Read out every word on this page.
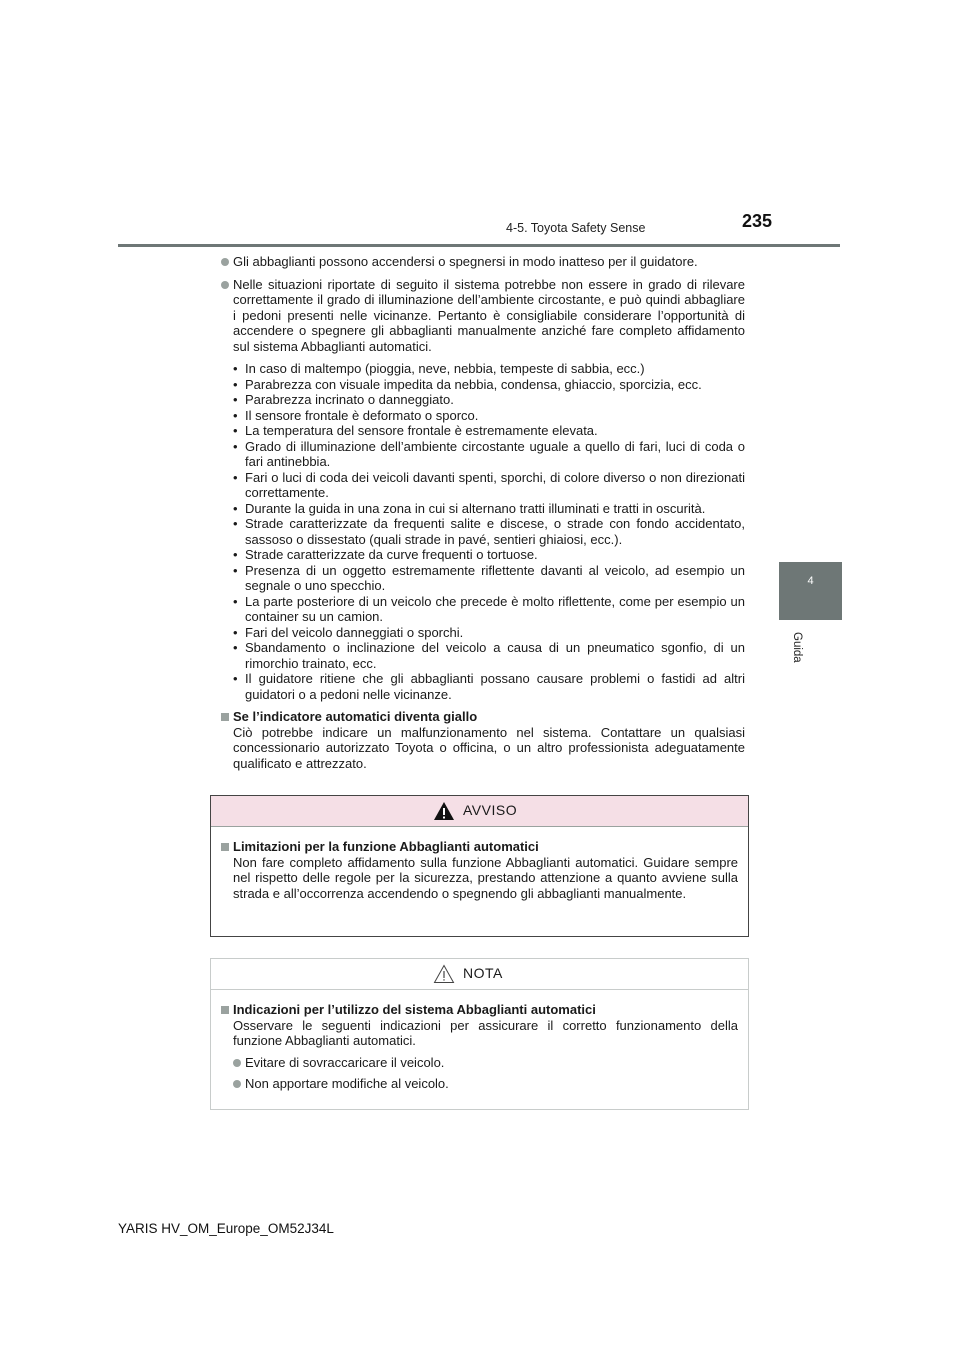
4-5. Toyota Safety Sense	235
4
Guida
Gli abbaglianti possono accendersi o spegnersi in modo inatteso per il guidatore.
Nelle situazioni riportate di seguito il sistema potrebbe non essere in grado di rilevare correttamente il grado di illuminazione dell’ambiente circostante, e può quindi abbagliare i pedoni presenti nelle vicinanze. Pertanto è consigliabile considerare l’opportunità di accendere o spegnere gli abbaglianti manualmente anziché fare completo affidamento sul sistema Abbaglianti automatici.
• In caso di maltempo (pioggia, neve, nebbia, tempeste di sabbia, ecc.)
• Parabrezza con visuale impedita da nebbia, condensa, ghiaccio, sporcizia, ecc.
• Parabrezza incrinato o danneggiato.
• Il sensore frontale è deformato o sporco.
• La temperatura del sensore frontale è estremamente elevata.
• Grado di illuminazione dell’ambiente circostante uguale a quello di fari, luci di coda o fari antinebbia.
• Fari o luci di coda dei veicoli davanti spenti, sporchi, di colore diverso o non direzionati correttamente.
• Durante la guida in una zona in cui si alternano tratti illuminati e tratti in oscurità.
• Strade caratterizzate da frequenti salite e discese, o strade con fondo accidentato, sassoso o dissestato (quali strade in pavé, sentieri ghiaiosi, ecc.).
• Strade caratterizzate da curve frequenti o tortuose.
• Presenza di un oggetto estremamente riflettente davanti al veicolo, ad esempio un segnale o uno specchio.
• La parte posteriore di un veicolo che precede è molto riflettente, come per esempio un container su un camion.
• Fari del veicolo danneggiati o sporchi.
• Sbandamento o inclinazione del veicolo a causa di un pneumatico sgonfio, di un rimorchio trainato, ecc.
• Il guidatore ritiene che gli abbaglianti possano causare problemi o fastidi ad altri guidatori o a pedoni nelle vicinanze.
Se l’indicatore automatici diventa giallo
Ciò potrebbe indicare un malfunzionamento nel sistema. Contattare un qualsiasi concessionario autorizzato Toyota o officina, o un altro professionista adeguatamente qualificato e attrezzato.
AVVISO
Limitazioni per la funzione Abbaglianti automatici
Non fare completo affidamento sulla funzione Abbaglianti automatici. Guidare sempre nel rispetto delle regole per la sicurezza, prestando attenzione a quanto avviene sulla strada e all’occorrenza accendendo o spegnendo gli abbaglianti manualmente.
NOTA
Indicazioni per l’utilizzo del sistema Abbaglianti automatici
Osservare le seguenti indicazioni per assicurare il corretto funzionamento della funzione Abbaglianti automatici.
Evitare di sovraccaricare il veicolo.
Non apportare modifiche al veicolo.
YARIS HV_OM_Europe_OM52J34L
